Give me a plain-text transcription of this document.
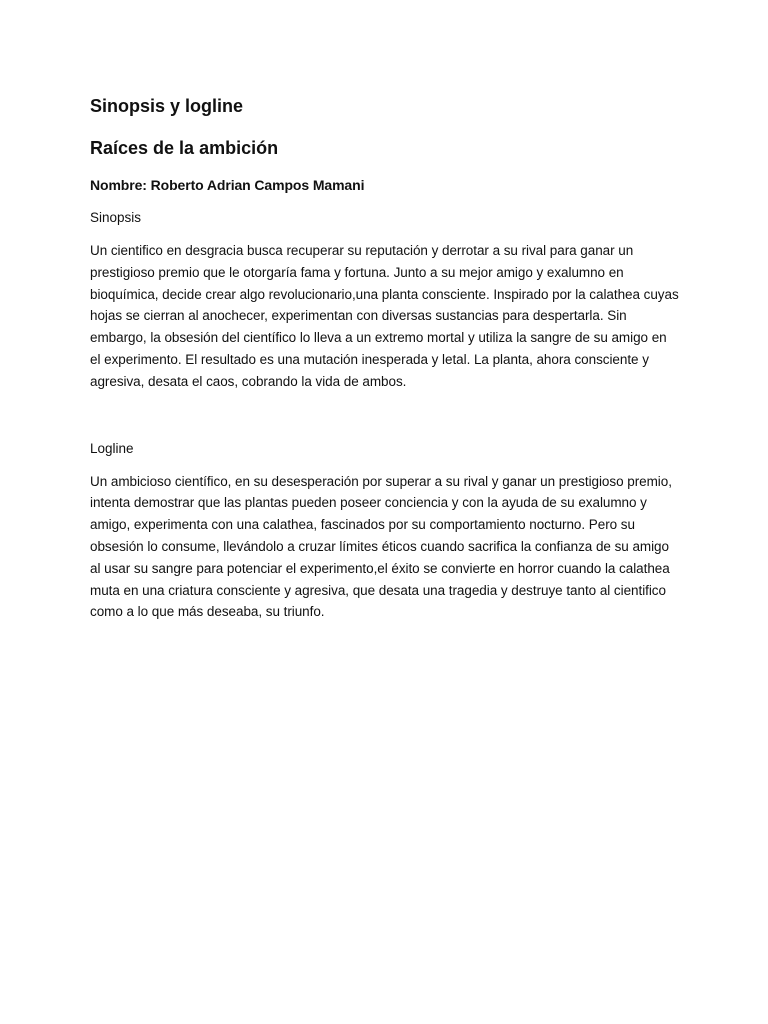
Sinopsis y logline
Raíces de la ambición
Nombre: Roberto Adrian Campos Mamani

Sinopsis

Un cientifico en desgracia busca recuperar su reputación y derrotar a su rival para ganar un prestigioso premio que le otorgaría fama y fortuna. Junto a su mejor amigo y exalumno en bioquímica, decide crear algo revolucionario,una planta consciente. Inspirado por la calathea cuyas hojas se cierran al anochecer, experimentan con diversas sustancias para despertarla. Sin embargo, la obsesión del científico lo lleva a un extremo mortal y utiliza la sangre de su amigo en el experimento. El resultado es una mutación inesperada y letal. La planta, ahora consciente y agresiva, desata el caos, cobrando la vida de ambos.

Logline

Un ambicioso científico, en su desesperación por superar a su rival y ganar un prestigioso premio, intenta demostrar que las plantas pueden poseer conciencia y con la ayuda de su exalumno y amigo, experimenta con una calathea, fascinados por su comportamiento nocturno. Pero su obsesión lo consume, llevándolo a cruzar límites éticos cuando sacrifica la confianza de su amigo al usar su sangre para potenciar el experimento,el éxito se convierte en horror cuando la calathea muta en una criatura consciente y agresiva, que desata una tragedia y destruye tanto al cientifico como a lo que más deseaba, su triunfo.
